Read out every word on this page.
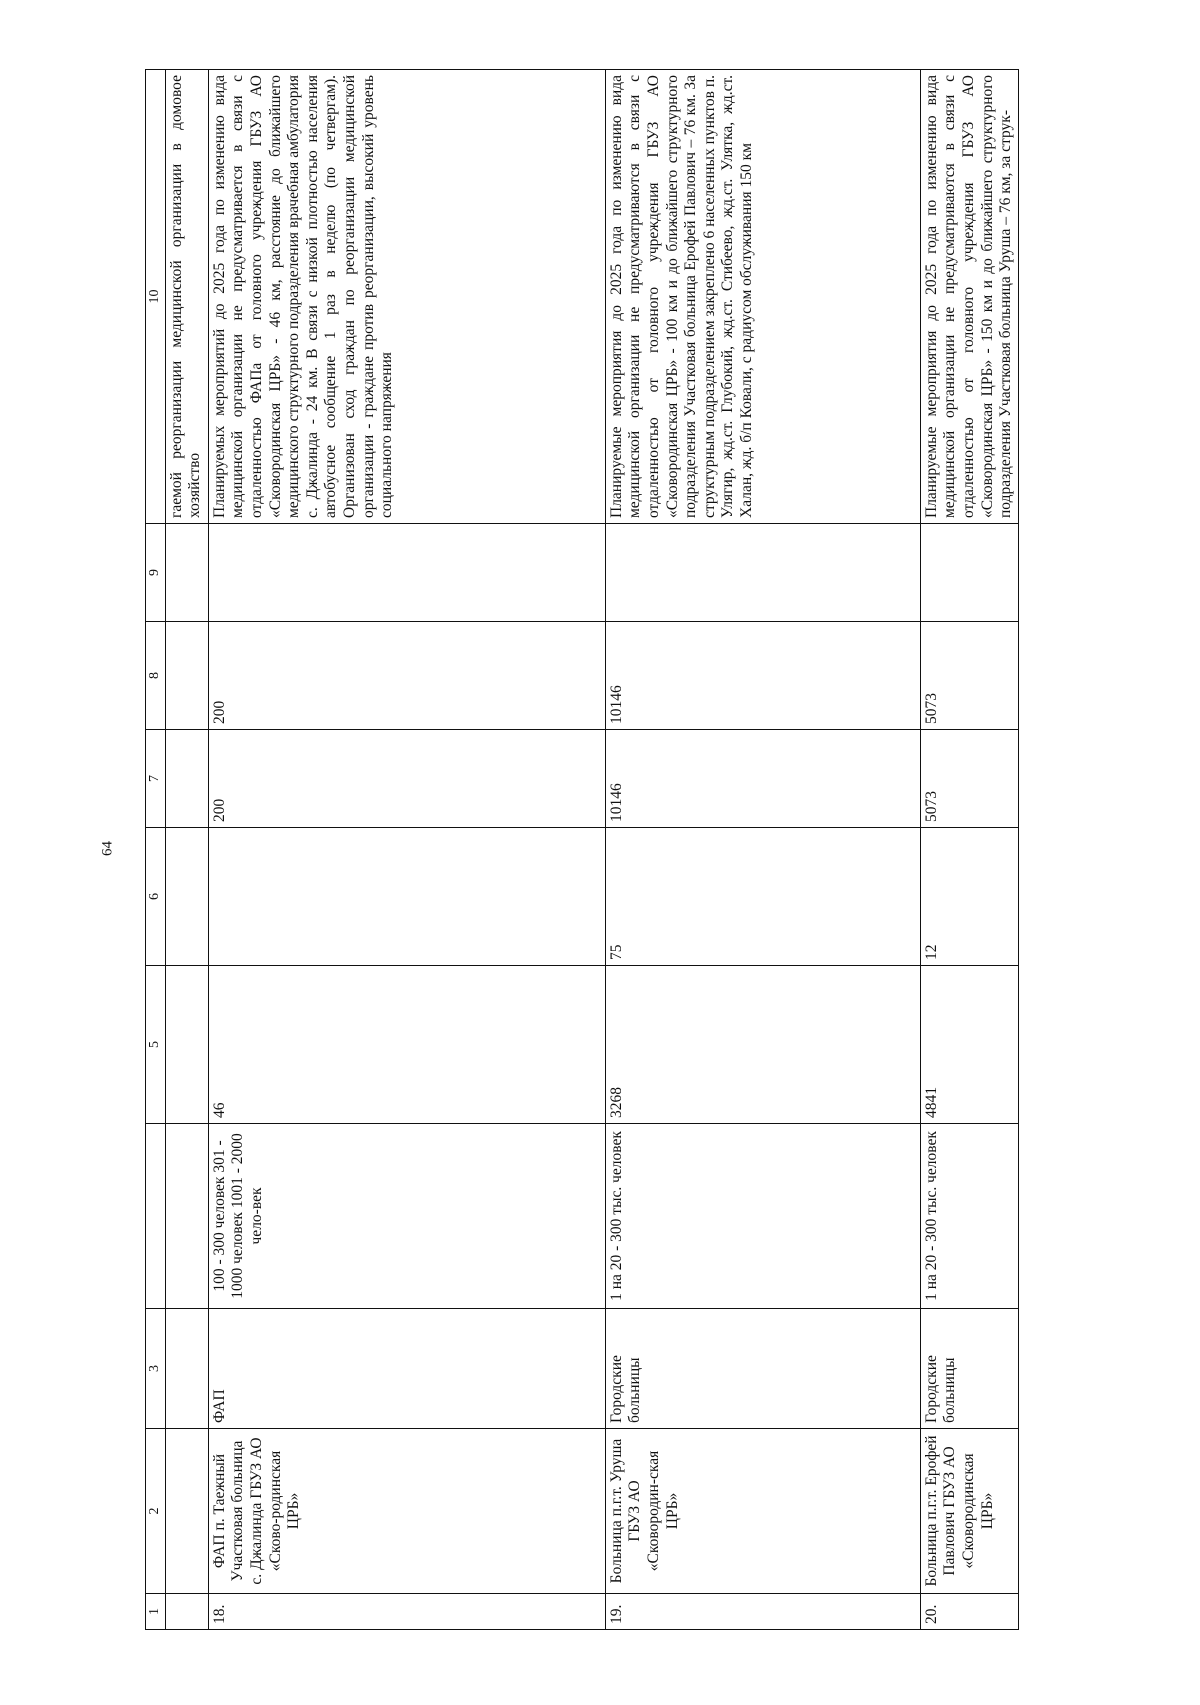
64
1	2	3		5	6	7	8	9	10
									гаемой реорганизации медицинской организации в домовое хозяйство
18.	ФАП п. Таежный Участковая больница с. Джалинда ГБУЗ АО «Сково-родинская ЦРБ»	ФАП	100 - 300 человек 301 - 1000 человек 1001 - 2000 чело-век	46		200	200		Планируемых мероприятий до 2025 года по изменению вида медицинской организации не предусматривается в связи с отдаленностью ФАПа от головного учреждения ГБУЗ АО «Сковородинская ЦРБ» - 46 км, расстояние до ближайшего медицинского структурного подразделения врачебная амбулатория с. Джалинда - 24 км. В связи с низкой плотностью населения автобусное сообщение 1 раз в неделю (по четвергам). Организован сход граждан по реорганизации медицинской организации - граждане против реорганизации, высокий уровень социального напряжения
19.	Больница п.г.т. Уруша ГБУЗ АО «Сковородин-ская ЦРБ»	Городские больницы	1 на 20 - 300 тыс. человек	3268	75	10146	10146		Планируемые мероприятия до 2025 года по изменению вида медицинской организации не предусматриваются в связи с отдаленностью от головного учреждения ГБУЗ АО «Сковородинская ЦРБ» - 100 км и до ближайшего структурного подразделения Участковая больница Ерофей Павлович – 76 км. За структурным подразделением закреплено 6 населенных пунктов п. Улягир, жд.ст. Глубокий, жд.ст. Стибеево, жд.ст. Улятка, жд.ст. Халан, жд. б/п Ковали, с радиусом обслуживания 150 км
20.	Больница п.г.т. Ерофей Павлович ГБУЗ АО «Сковородинская ЦРБ»	Городские больницы	1 на 20 - 300 тыс. человек	4841	12	5073	5073		Планируемые мероприятия до 2025 года по изменению вида медицинской организации не предусматриваются в связи с отдаленностью от головного учреждения ГБУЗ АО «Сковородинская ЦРБ» - 150 км и до ближайшего структурного подразделения Участковая больница Уруша – 76 км, за струк-
